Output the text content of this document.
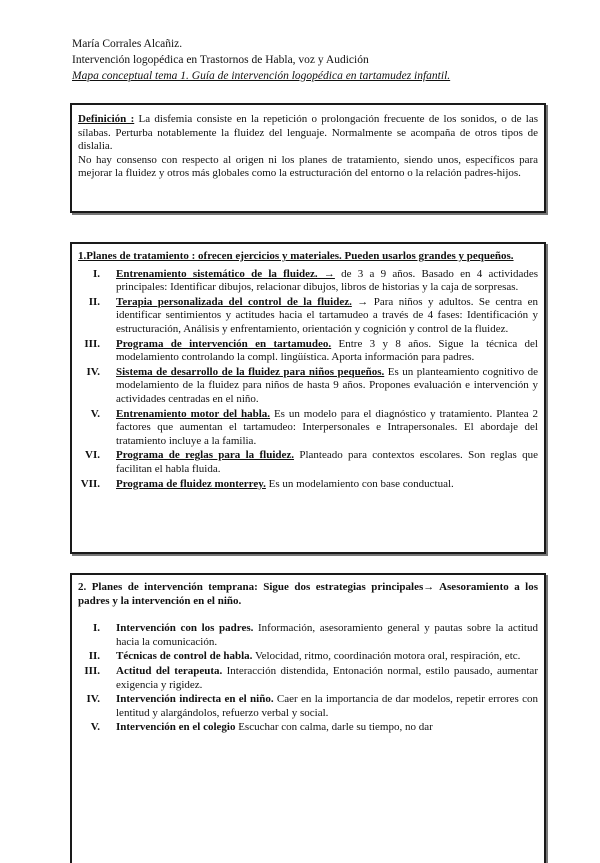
María Corrales Alcañiz.
Intervención logopédica en Trastornos de Habla, voz y Audición
Mapa conceptual tema 1. Guía de intervención logopédica en tartamudez infantil.

Definición : La disfemia consiste en la repetición o prolongación frecuente de los sonidos, o de las sílabas. Perturba notablemente la fluidez del lenguaje. Normalmente se acompaña de otros tipos de dislalia.

No hay consenso con respecto al origen ni los planes de tratamiento, siendo unos, específicos para mejorar la fluidez y otros más globales como la estructuración del entorno o la relación padres-hijos.

1.Planes de tratamiento : ofrecen ejercicios y materiales. Pueden usarlos grandes y pequeños.
I. Entrenamiento sistemático de la fluidez. → de 3 a 9 años. Basado en 4 actividades principales: Identificar dibujos, relacionar dibujos, libros de historias y la caja de sorpresas.
II. Terapia personalizada del control de la fluidez. → Para niños y adultos. Se centra en identificar sentimientos y actitudes hacia el tartamudeo a través de 4 fases: Identificación y estructuración, Análisis y enfrentamiento, orientación y cognición y control de la fluidez.
III. Programa de intervención en tartamudeo. Entre 3 y 8 años. Sigue la técnica del modelamiento controlando la compl. lingüística. Aporta información para padres.
IV. Sistema de desarrollo de la fluidez para niños pequeños. Es un planteamiento cognitivo de modelamiento de la fluidez para niños de hasta 9 años. Propones evaluación e intervención y actividades centradas en el niño.
V. Entrenamiento motor del habla. Es un modelo para el diagnóstico y tratamiento. Plantea 2 factores que aumentan el tartamudeo: Interpersonales e Intrapersonales. El abordaje del tratamiento incluye a la familia.
VI. Programa de reglas para la fluidez. Planteado para contextos escolares. Son reglas que facilitan el habla fluida.
VII. Programa de fluidez monterrey. Es un modelamiento con base conductual.
2. Planes de intervención temprana: Sigue dos estrategias principales→ Asesoramiento a los padres y la intervención en el niño.
I. Intervención con los padres. Información, asesoramiento general y pautas sobre la actitud hacia la comunicación.
II. Técnicas de control de habla. Velocidad, ritmo, coordinación motora oral, respiración, etc.
III. Actitud del terapeuta. Interacción distendida, Entonación normal, estilo pausado, aumentar exigencia y rigidez.
IV. Intervención indirecta en el niño. Caer en la importancia de dar modelos, repetir errores con lentitud y alargándolos, refuerzo verbal y social.
V. Intervención en el colegio Escuchar con calma, darle su tiempo, no dar
